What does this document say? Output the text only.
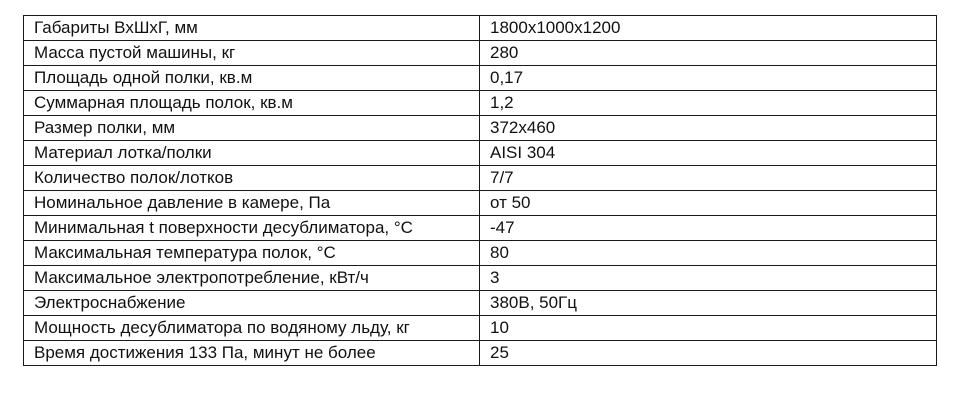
Габариты ВхШхГ, мм	1800x1000x1200
Масса пустой машины, кг	280
Площадь одной полки, кв.м	0,17
Суммарная площадь полок, кв.м	1,2
Размер полки, мм	372x460
Материал лотка/полки	AISI 304
Количество полок/лотков	7/7
Номинальное давление в камере, Па	от 50
Минимальная t поверхности десублиматора, °С	-47
Максимальная температура полок, °С	80
Максимальное электропотребление, кВт/ч	3
Электроснабжение	380В, 50Гц
Мощность десублиматора по водяному льду, кг	10
Время достижения 133 Па, минут не более	25
